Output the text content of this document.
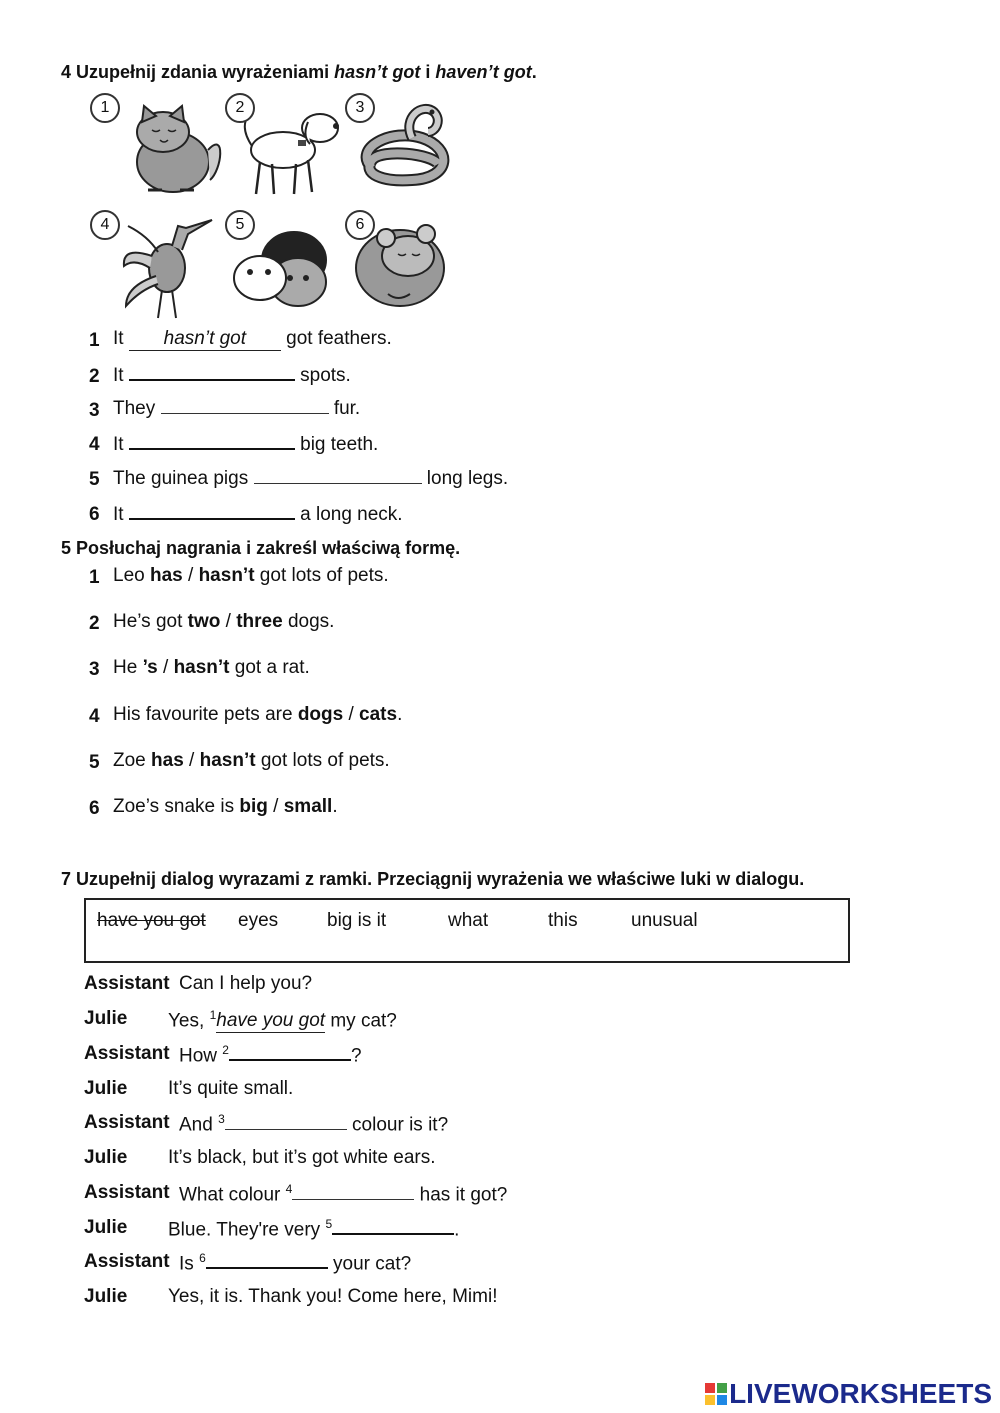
4 Uzupełnij zdania wyrażeniami hasn’t got i haven’t got.
1	2	3
4	5	6
1 It hasn’t got got feathers.
2 It	spots.
3 They	fur.
4 It	big teeth.
5 The guinea pigs	long legs.
6 It	a long neck.
5 Posłuchaj nagrania i zakreśl właściwą formę.
1 Leo has / hasn’t got lots of pets.
2 He’s got two / three dogs.
3 He ’s / hasn’t got a rat.
4 His favourite pets are dogs / cats.
5 Zoe has / hasn’t got lots of pets.
6 Zoe’s snake is big / small.
7 Uzupełnij dialog wyrazami z ramki. Przeciągnij wyrażenia we właściwe luki w dialogu.
have you got eyes	big is it	what	this	unusual
Assistant Can I help you?
Julie Yes, $^1$have you got my cat?
Assistant How $^2$	?
Julie It’s quite small.
Assistant And $^3$	colour is it?
Julie It’s black, but it’s got white ears.
Assistant What colour $^4$	has it got?
Julie Blue. They're very $^5$	.
Assistant Is $^6$	your cat?
Julie Yes, it is. Thank you! Come here, Mimi!
LIVEWORKSHEETS
